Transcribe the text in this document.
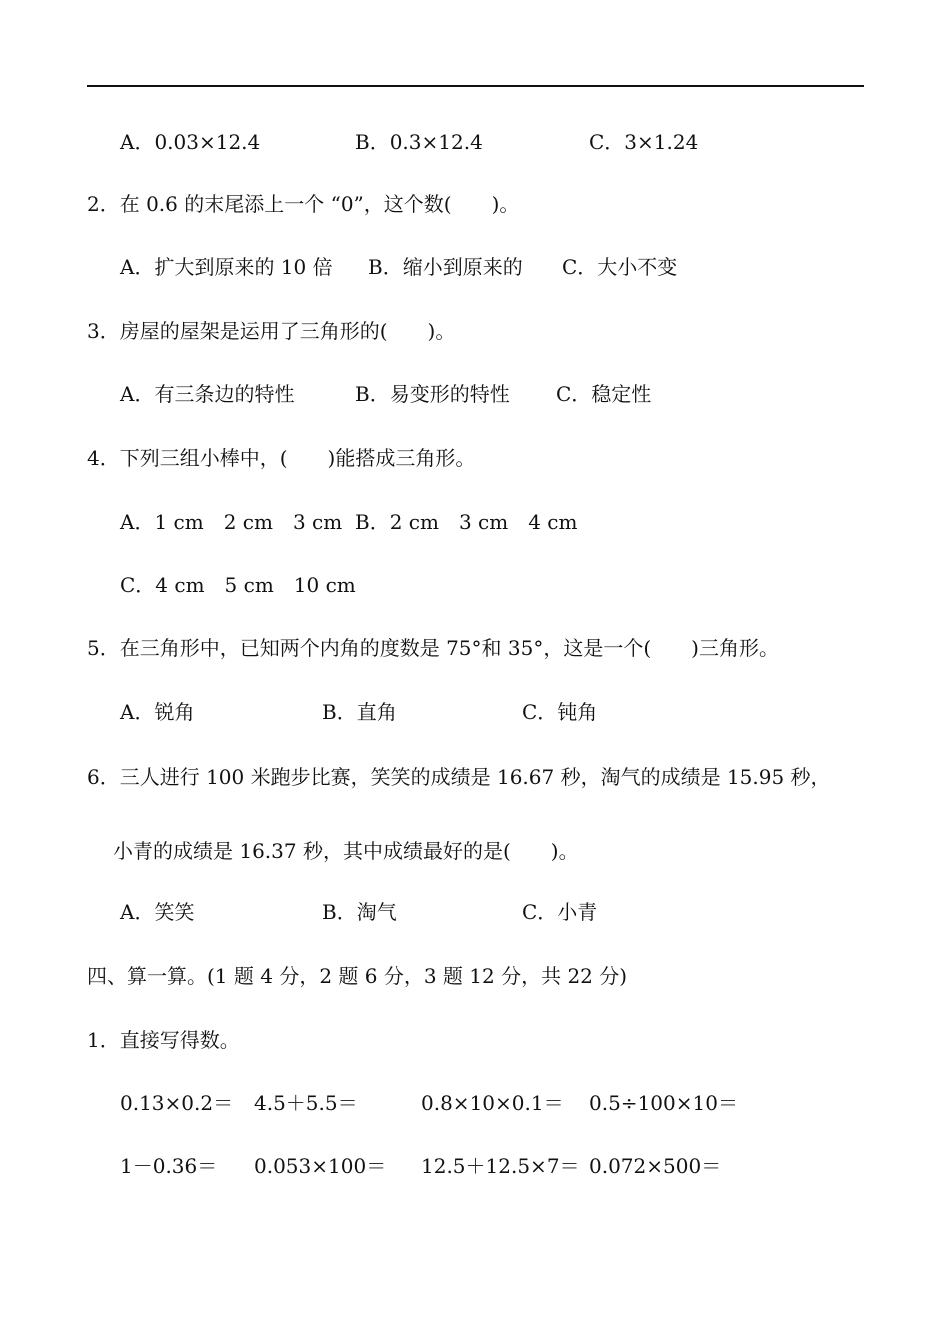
A．0.03×12.4	B．0.3×12.4	C．3×1.24
2．在 0.6 的末尾添上一个 “0”，这个数(　　)。
A．扩大到原来的 10 倍 B．缩小到原来的 C．大小不变
3．房屋的屋架是运用了三角形的(　　)。
A．有三条边的特性	B．易变形的特性 C．稳定性
4．下列三组小棒中，(　　)能搭成三角形。
A．1 cm　2 cm　3 cm B．2 cm　3 cm　4 cm
C．4 cm　5 cm　10 cm
5．在三角形中，已知两个内角的度数是 75°和 35°，这是一个(　　)三角形。
A．锐角	B．直角	C．钝角
6．三人进行 100 米跑步比赛，笑笑的成绩是 16.67 秒，淘气的成绩是 15.95 秒，
小青的成绩是 16.37 秒，其中成绩最好的是(　　)。
A．笑笑	B．淘气	C．小青
四、算一算。(1 题 4 分，2 题 6 分，3 题 12 分，共 22 分)
1．直接写得数。
0.13×0.2＝ 4.5＋5.5＝	0.8×10×0.1＝ 0.5÷100×10＝
1－0.36＝ 0.053×100＝ 12.5＋12.5×7＝ 0.072×500＝
